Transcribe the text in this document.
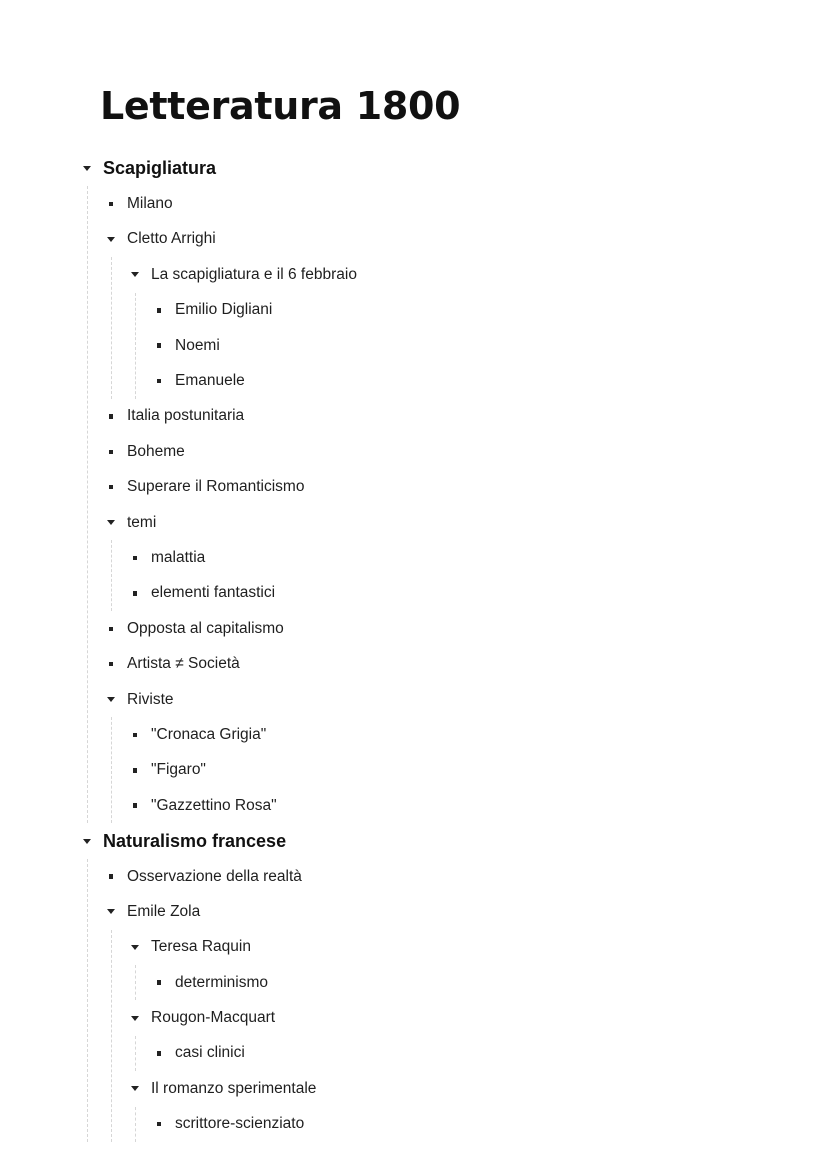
Letteratura 1800
Scapigliatura
Milano
Cletto Arrighi
La scapigliatura e il 6 febbraio
Emilio Digliani
Noemi
Emanuele
Italia postunitaria
Boheme
Superare il Romanticismo
temi
malattia
elementi fantastici
Opposta al capitalismo
Artista ≠ Società
Riviste
"Cronaca Grigia"
"Figaro"
"Gazzettino Rosa"
Naturalismo francese
Osservazione della realtà
Emile Zola
Teresa Raquin
determinismo
Rougon-Macquart
casi clinici
Il romanzo sperimentale
scrittore-scienziato
